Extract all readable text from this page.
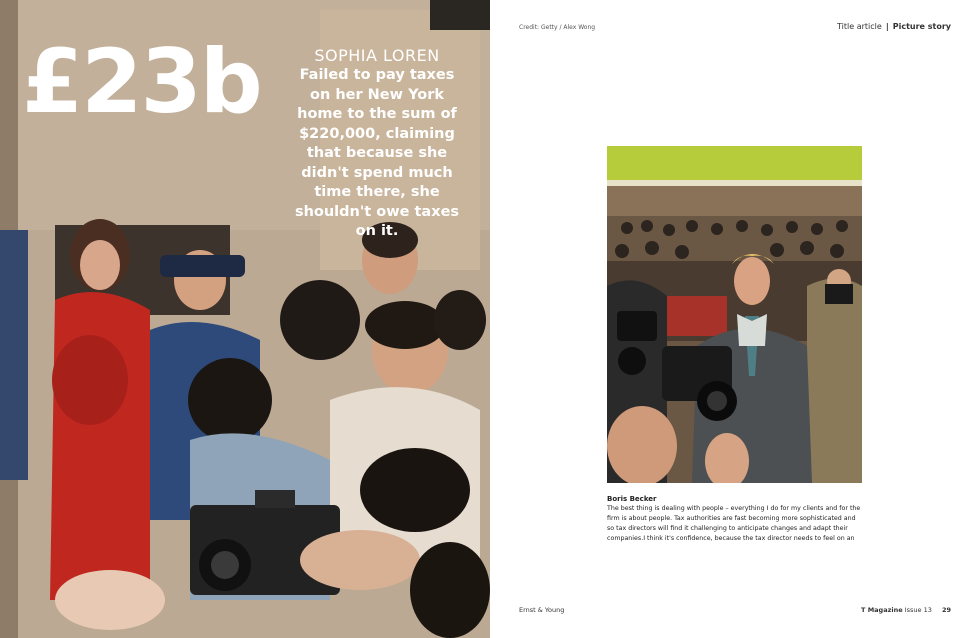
£23b	SOPHIA LOREN
Failed to pay taxes on her New York home to the sum of $220,000, claiming that because she didn't spend much time there, she shouldn't owe taxes on it.
Credit: Getty / Alex Wong	Title article | Picture story
Boris Becker
The best thing is dealing with people – everything I do for my clients and for the firm is about people. Tax authorities are fast becoming more sophisticated and so tax directors will find it challenging to anticipate changes and adapt their companies.I think it's confidence, because the tax director needs to feel on an
Ernst & Young	T Magazine Issue 13 29
